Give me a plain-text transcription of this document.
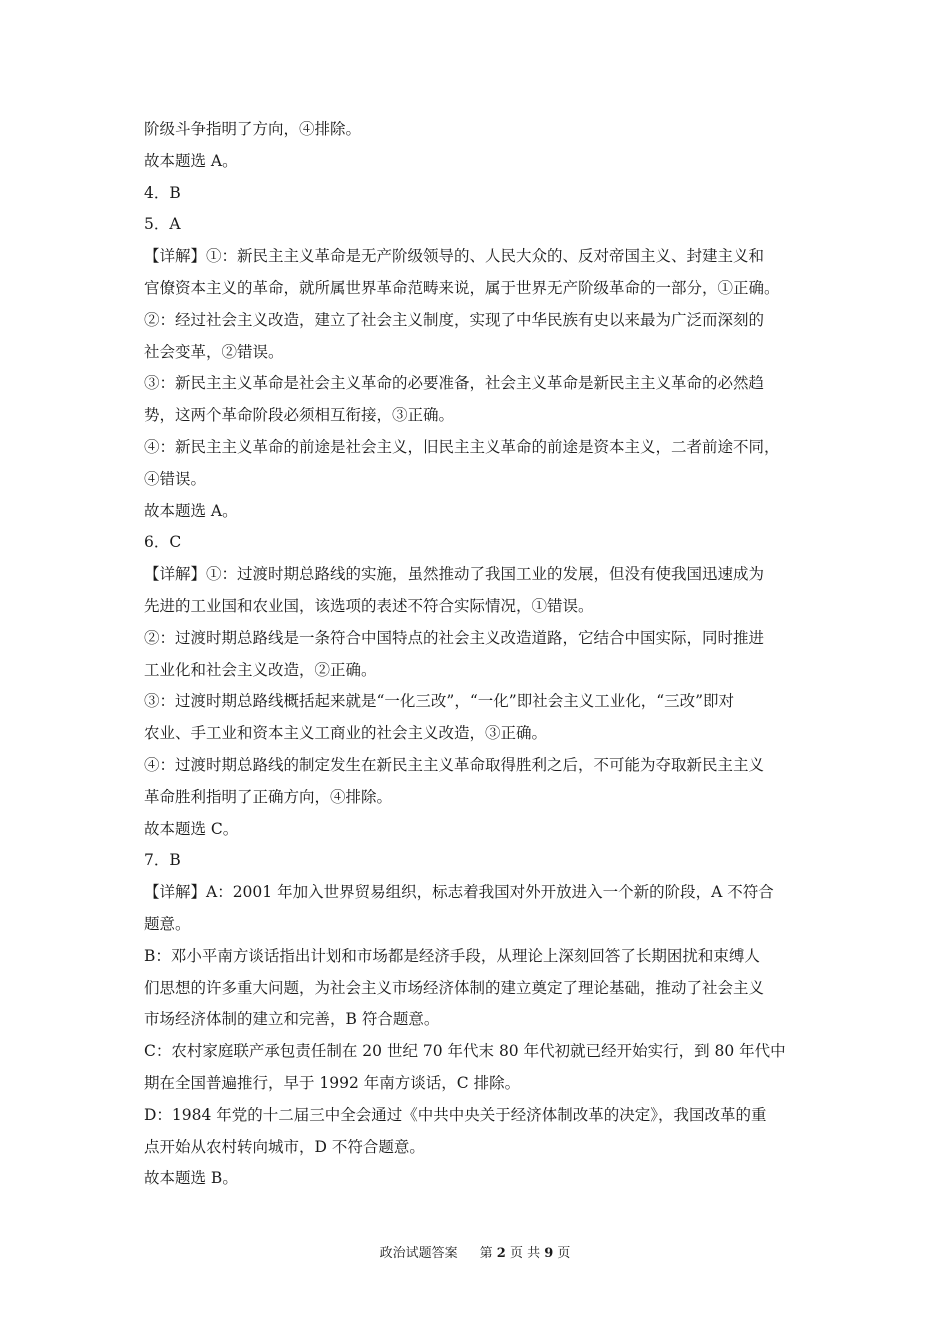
阶级斗争指明了方向，④排除。
故本题选 A。
4．B
5．A
【详解】①：新民主主义革命是无产阶级领导的、人民大众的、反对帝国主义、封建主义和
官僚资本主义的革命，就所属世界革命范畴来说，属于世界无产阶级革命的一部分，①正确。
②：经过社会主义改造，建立了社会主义制度，实现了中华民族有史以来最为广泛而深刻的
社会变革，②错误。
③：新民主主义革命是社会主义革命的必要准备，社会主义革命是新民主主义革命的必然趋
势，这两个革命阶段必须相互衔接，③正确。
④：新民主主义革命的前途是社会主义，旧民主主义革命的前途是资本主义，二者前途不同，
④错误。
故本题选 A。
6．C
【详解】①：过渡时期总路线的实施，虽然推动了我国工业的发展，但没有使我国迅速成为
先进的工业国和农业国，该选项的表述不符合实际情况，①错误。
②：过渡时期总路线是一条符合中国特点的社会主义改造道路，它结合中国实际，同时推进
工业化和社会主义改造，②正确。
③：过渡时期总路线概括起来就是“一化三改”，“一化”即社会主义工业化，“三改”即对
农业、手工业和资本主义工商业的社会主义改造，③正确。
④：过渡时期总路线的制定发生在新民主主义革命取得胜利之后，不可能为夺取新民主主义
革命胜利指明了正确方向，④排除。
故本题选 C。
7．B
【详解】A：2001 年加入世界贸易组织，标志着我国对外开放进入一个新的阶段，A 不符合
题意。
B：邓小平南方谈话指出计划和市场都是经济手段，从理论上深刻回答了长期困扰和束缚人
们思想的许多重大问题，为社会主义市场经济体制的建立奠定了理论基础，推动了社会主义
市场经济体制的建立和完善，B 符合题意。
C：农村家庭联产承包责任制在 20 世纪 70 年代末 80 年代初就已经开始实行，到 80 年代中
期在全国普遍推行，早于 1992 年南方谈话，C 排除。
D：1984 年党的十二届三中全会通过《中共中央关于经济体制改革的决定》，我国改革的重
点开始从农村转向城市，D 不符合题意。
故本题选 B。
政治试题答案 第 2 页 共 9 页
